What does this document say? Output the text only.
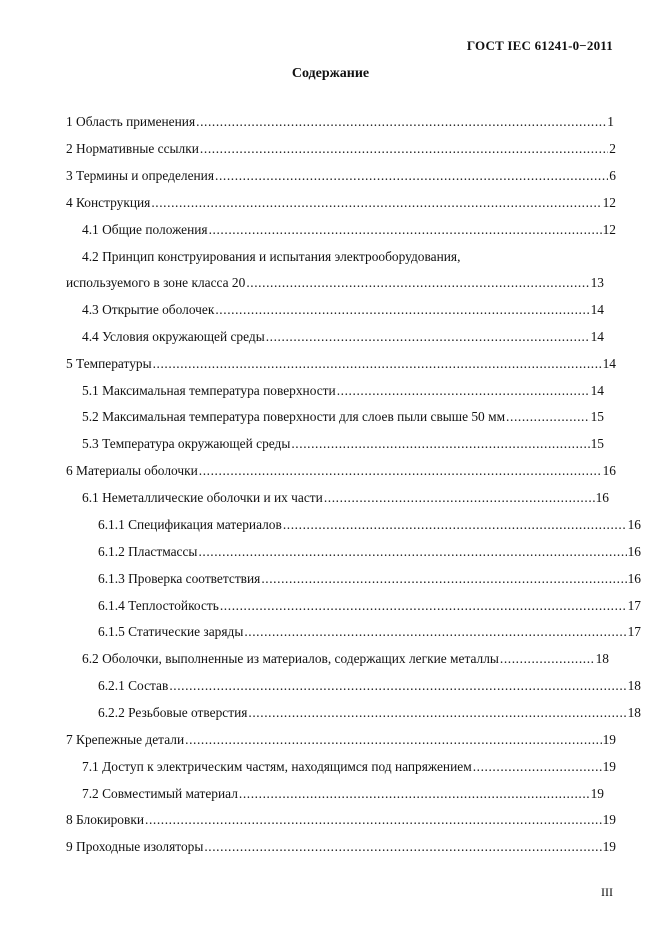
ГОСТ IEC 61241-0−2011
Содержание
1 Область применения .....	1
2 Нормативные ссылки .....	2
3 Термины и определения .....	6
4 Конструкция .....	12
4.1 Общие положения .....	12
4.2 Принцип конструирования и испытания электрооборудования,
используемого в зоне класса 20 .....	13
4.3 Открытие оболочек .....	14
4.4 Условия окружающей среды .....	14
5 Температуры .....	14
5.1 Максимальная температура поверхности .....	14
5.2 Максимальная температура поверхности для слоев пыли свыше 50 мм .....	15
5.3 Температура окружающей среды .....	15
6 Материалы оболочки .....	16
6.1 Неметаллические оболочки и их части .....	16
6.1.1 Спецификация материалов .....	16
6.1.2 Пластмассы .....	16
6.1.3 Проверка соответствия .....	16
6.1.4 Теплостойкость .....	17
6.1.5 Статические заряды .....	17
6.2 Оболочки, выполненные из материалов, содержащих легкие металлы .....	18
6.2.1 Состав .....	18
6.2.2 Резьбовые отверстия .....	18
7 Крепежные детали .....	19
7.1 Доступ к электрическим частям, находящимся под напряжением .....	19
7.2 Совместимый материал .....	19
8 Блокировки .....	19
9 Проходные изоляторы .....	19
III
